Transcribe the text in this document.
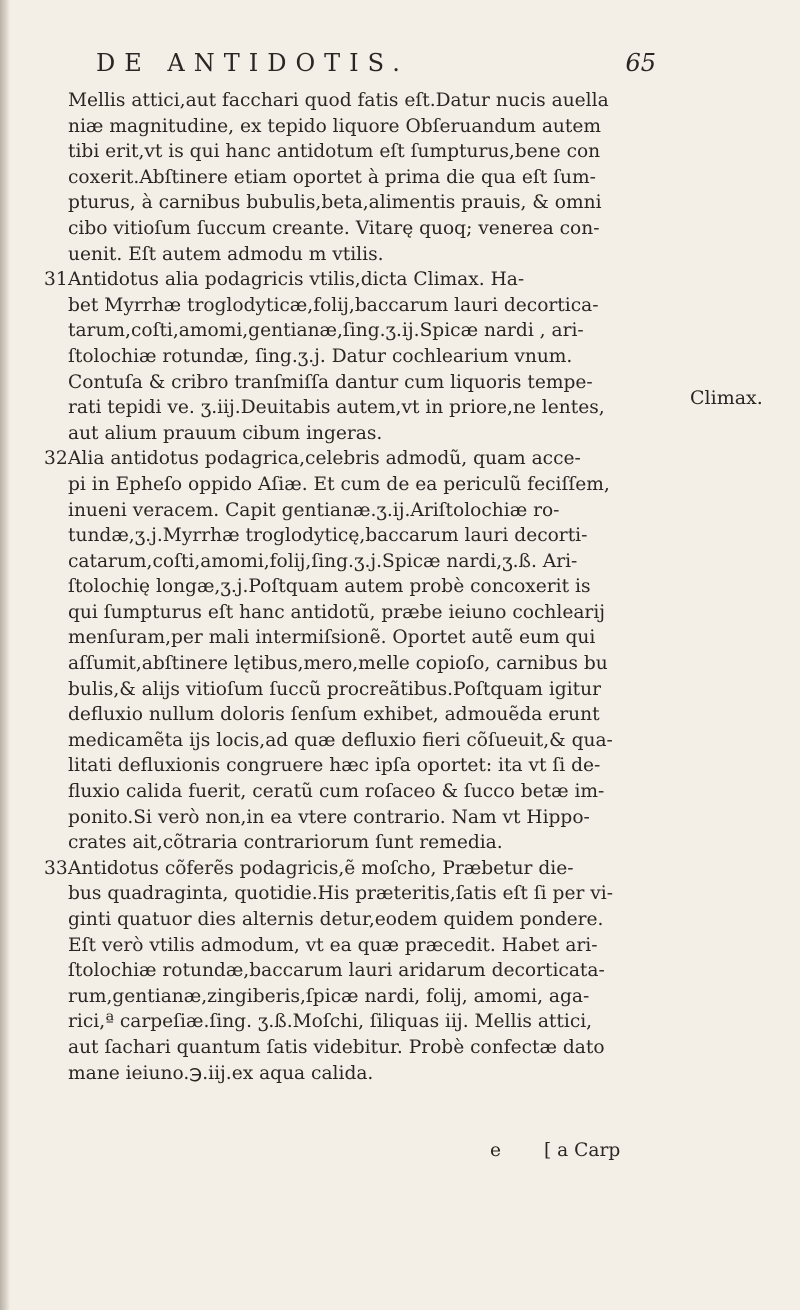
DE ANTIDOTIS.	65
Mellis attici,aut facchari quod fatis eſt.Datur nucis auella
niæ magnitudine, ex tepido liquore Obſeruandum autem
tibi erit,vt is qui hanc antidotum eſt ſumpturus,bene con
coxerit.Abſtinere etiam oportet à prima die qua eſt ſum-
pturus, à carnibus bubulis,beta,alimentis prauis, & omni
cibo vitioſum ſuccum creante. Vitarę quoq; venerea con-
uenit. Eſt autem admodu m vtilis.
31Antidotus alia podagricis vtilis,dicta Climax. Ha-
bet Myrrhæ troglodyticæ,folij,baccarum lauri decortica-
tarum,coſti,amomi,gentianæ,ſing.ʒ.ij.Spicæ nardi , ari-
ſtolochiæ rotundæ, ſing.ʒ.j. Datur cochlearium vnum.
Contuſa & cribro tranſmiſſa dantur cum liquoris tempe-
rati tepidi ve. ʒ.iij.Deuitabis autem,vt in priore,ne lentes,
aut alium prauum cibum ingeras.
32Alia antidotus podagrica,celebris admodũ, quam acce-
pi in Epheſo oppido Aſiæ. Et cum de ea periculũ feciſſem,
inueni veracem. Capit gentianæ.ʒ.ij.Ariſtolochiæ ro-
tundæ,ʒ.j.Myrrhæ troglodyticę,baccarum lauri decorti-
catarum,coſti,amomi,folij,ſing.ʒ.j.Spicæ nardi,ʒ.ß. Ari-
ſtolochię longæ,ʒ.j.Poſtquam autem probè concoxerit is
qui ſumpturus eſt hanc antidotũ, præbe ieiuno cochlearij
menſuram,per mali intermiſsionẽ. Oportet autẽ eum qui
aſſumit,abſtinere lętibus,mero,melle copioſo, carnibus bu
bulis,& alijs vitioſum ſuccũ procreãtibus.Poſtquam igitur
defluxio nullum doloris ſenſum exhibet, admouẽda erunt
medicamẽta ijs locis,ad quæ defluxio fieri cõſueuit,& qua-
litati defluxionis congruere hæc ipſa oportet: ita vt ſi de-
fluxio calida fuerit, ceratũ cum roſaceo & ſucco betæ im-
ponito.Si verò non,in ea vtere contrario. Nam vt Hippo-
crates ait,cõtraria contrariorum ſunt remedia.
33Antidotus cõferẽs podagricis,ẽ moſcho, Præbetur die-
bus quadraginta, quotidie.His prӕteritis,ſatis eſt ſi per vi-
ginti quatuor dies alternis detur,eodem quidem pondere.
Eſt verò vtilis admodum, vt ea quæ præcedit. Habet ari-
ſtolochiæ rotundæ,baccarum lauri aridarum decorticata-
rum,gentianæ,zingiberis,ſpicæ nardi, folij, amomi, aga-
rici,ª carpeſiæ.ſing. ʒ.ß.Moſchi, ſiliquas iij. Mellis attici,
aut ſachari quantum ſatis videbitur. Probè confectæ dato
mane ieiuno.℈.iij.ex aqua calida.
Climax.
e [ a Carp
